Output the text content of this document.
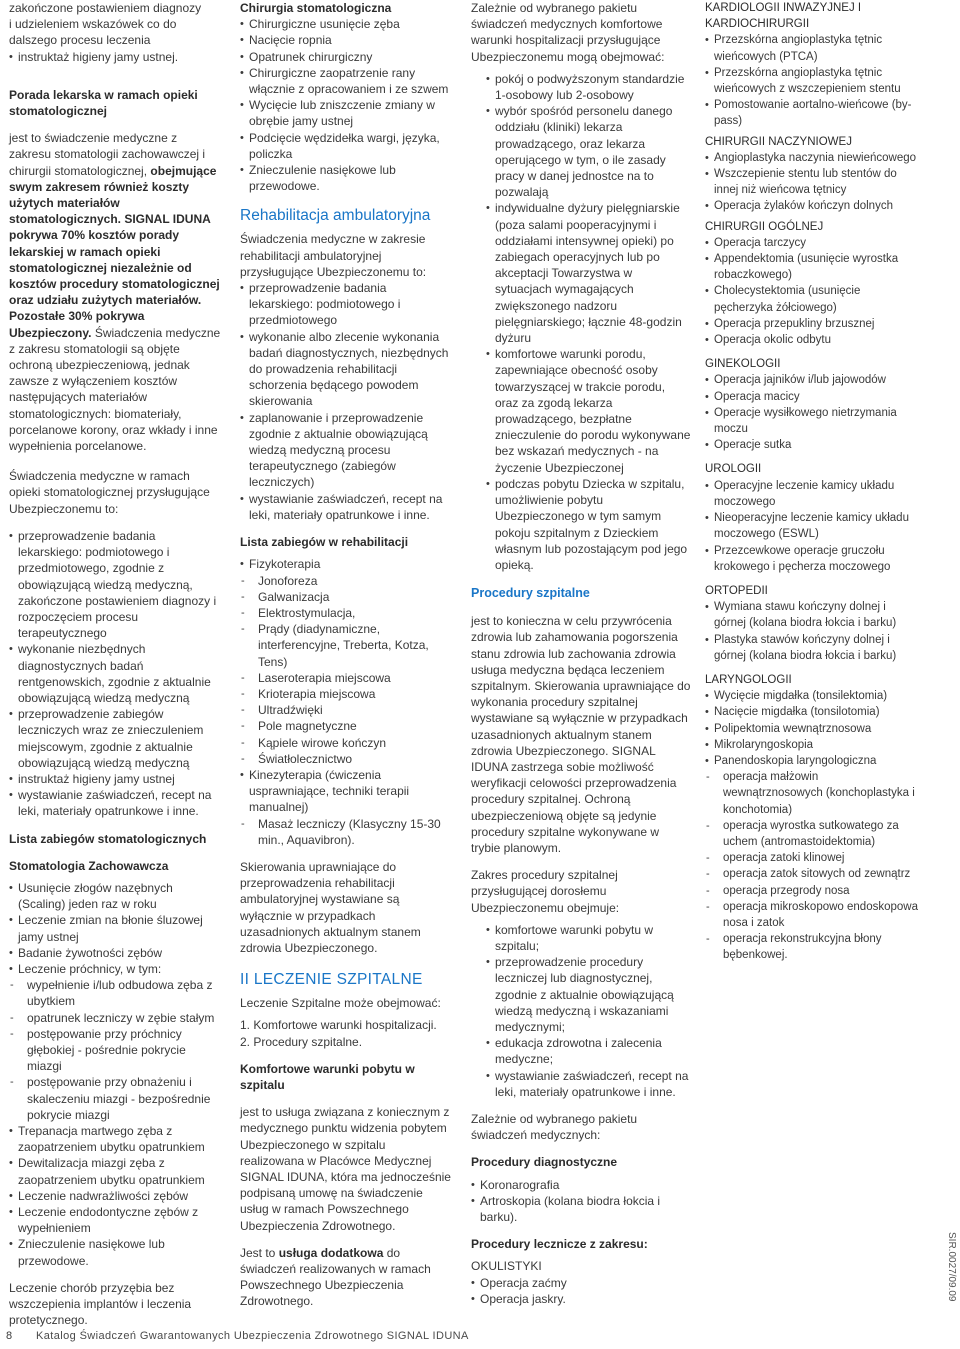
zakończone postawieniem diagnozy
i udzieleniem wskazówek co do
dalszego procesu leczenia
• instruktaż higieny jamy ustnej.

Porada lekarska w ramach opieki stomatologicznej

jest to świadczenie medyczne z zakresu stomatologii zachowawczej i chirurgii stomatologicznej, obejmujące swym zakresem również koszty użytych materiałów stomatologicznych. SIGNAL IDUNA pokrywa 70% kosztów porady lekarskiej w ramach opieki stomatologicznej niezależnie od kosztów procedury stomatologicznej oraz udziału zużytych materiałów. Pozostałe 30% pokrywa Ubezpieczony. Świadczenia medyczne z zakresu stomatologii są objęte ochroną ubezpieczeniową, jednak zawsze z wyłączeniem kosztów następujących materiałów stomatologicznych: biomateriały, porcelanowe korony, oraz wkłady i inne wypełnienia porcelanowe.

Świadczenia medyczne w ramach opieki stomatologicznej przysługujące Ubezpieczonemu to:

• przeprowadzenie badania lekarskiego: podmiotowego i przedmiotowego, zgodnie z obowiązującą wiedzą medyczną, zakończone postawieniem diagnozy i rozpoczęciem procesu terapeutycznego
• wykonanie niezbędnych diagnostycznych badań rentgenowskich, zgodnie z aktualnie obowiązującą wiedzą medyczną
• przeprowadzenie zabiegów leczniczych wraz ze znieczuleniem miejscowym, zgodnie z aktualnie obowiązującą wiedzą medyczną
• instruktaż higieny jamy ustnej
• wystawianie zaświadczeń, recept na leki, materiały opatrunkowe i inne.

Lista zabiegów stomatologicznych

Stomatologia Zachowawcza

• Usunięcie złogów nazębnych (Scaling) jeden raz w roku
• Leczenie zmian na błonie śluzowej jamy ustnej
• Badanie żywotności zębów
• Leczenie próchnicy, w tym:
- wypełnienie i/lub odbudowa zęba z ubytkiem
- opatrunek leczniczy w zębie stałym
- postępowanie przy próchnicy głębokiej - pośrednie pokrycie miazgi
- postępowanie przy obnażeniu i skaleczeniu miazgi - bezpośrednie pokrycie miazgi
• Trepanacja martwego zęba z zaopatrzeniem ubytku opatrunkiem
• Dewitalizacja miazgi zęba z zaopatrzeniem ubytku opatrunkiem
• Leczenie nadwrażliwości zębów
• Leczenie endodontyczne zębów z wypełnieniem
• Znieczulenie nasiękowe lub przewodowe.

Leczenie chorób przyzębia bez wszczepienia implantów i leczenia protetycznego.

Chirurgia stomatologiczna

• Chirurgiczne usunięcie zęba
• Nacięcie ropnia
• Opatrunek chirurgiczny
• Chirurgiczne zaopatrzenie rany włącznie z opracowaniem i ze szwem
• Wycięcie lub zniszczenie zmiany w obrębie jamy ustnej
• Podcięcie wędzidełka wargi, języka, policzka
• Znieczulenie nasiękowe lub przewodowe.

Rehabilitacja ambulatoryjna

Świadczenia medyczne w zakresie rehabilitacji ambulatoryjnej przysługujące Ubezpieczonemu to:

• przeprowadzenie badania lekarskiego: podmiotowego i przedmiotowego
• wykonanie albo zlecenie wykonania badań diagnostycznych, niezbędnych do prowadzenia rehabilitacji schorzenia będącego powodem skierowania
• zaplanowanie i przeprowadzenie zgodnie z aktualnie obowiązującą wiedzą medyczną procesu terapeutycznego (zabiegów leczniczych)
• wystawianie zaświadczeń, recept na leki, materiały opatrunkowe i inne.

Lista zabiegów w rehabilitacji

• Fizykoterapia
- Jonoforeza
- Galwanizacja
- Elektrostymulacja,
- Prądy (diadynamiczne, interferencyjne, Treberta, Kotza, Tens)
- Laseroterapia miejscowa
- Krioterapia miejscowa
- Ultradźwięki
- Pole magnetyczne
- Kąpiele wirowe kończyn
- Światłolecznictwo
• Kinezyterapia (ćwiczenia usprawniające, techniki terapii manualnej)
- Masaż leczniczy (Klasyczny 15-30 min., Aquavibron).

Skierowania uprawniające do przeprowadzenia rehabilitacji ambulatoryjnej wystawiane są wyłącznie w przypadkach uzasadnionych aktualnym stanem zdrowia Ubezpieczonego.

II LECZENIE SZPITALNE

Leczenie Szpitalne może obejmować:

1. Komfortowe warunki hospitalizacji.
2. Procedury szpitalne.

Komfortowe warunki pobytu w szpitalu

jest to usługa związana z koniecznym z medycznego punktu widzenia pobytem Ubezpieczonego w szpitalu realizowana w Placówce Medycznej SIGNAL IDUNA, która ma jednocześnie podpisaną umowę na świadczenie usług w ramach Powszechnego Ubezpieczenia Zdrowotnego.

Jest to usługa dodatkowa do świadczeń realizowanych w ramach Powszechnego Ubezpieczenia Zdrowotnego.

Zależnie od wybranego pakietu świadczeń medycznych komfortowe warunki hospitalizacji przysługujące Ubezpieczonemu mogą obejmować:

• pokój o podwyższonym standardzie 1-osobowy lub 2-osobowy
• wybór spośród personelu danego oddziału (kliniki) lekarza prowadzącego, oraz lekarza operującego w tym, o ile zasady pracy w danej jednostce na to pozwalają
• indywidualne dyżury pielęgniarskie (poza salami pooperacyjnymi i oddziałami intensywnej opieki) po zabiegach operacyjnych lub po akceptacji Towarzystwa w sytuacjach wymagających zwiększonego nadzoru pielęgniarskiego; łącznie 48-godzin dyżuru
• komfortowe warunki porodu, zapewniające obecność osoby towarzyszącej w trakcie porodu, oraz za zgodą lekarza prowadzącego, bezpłatne znieczulenie do porodu wykonywane bez wskazań medycznych - na życzenie Ubezpieczonej
• podczas pobytu Dziecka w szpitalu, umożliwienie pobytu Ubezpieczonego w tym samym pokoju szpitalnym z Dzieckiem własnym lub pozostającym pod jego opieką.

Procedury szpitalne

jest to konieczna w celu przywrócenia zdrowia lub zahamowania pogorszenia stanu zdrowia lub zachowania zdrowia usługa medyczna będąca leczeniem szpitalnym. Skierowania uprawniające do wykonania procedury szpitalnej wystawiane są wyłącznie w przypadkach uzasadnionych aktualnym stanem zdrowia Ubezpieczonego. SIGNAL IDUNA zastrzega sobie możliwość weryfikacji celowości przeprowadzenia procedury szpitalnej. Ochroną ubezpieczeniową objęte są jedynie procedury szpitalne wykonywane w trybie planowym.

Zakres procedury szpitalnej przysługującej dorosłemu Ubezpieczonemu obejmuje:

• komfortowe warunki pobytu w szpitalu;
• przeprowadzenie procedury leczniczej lub diagnostycznej, zgodnie z aktualnie obowiązującą wiedzą medyczną i wskazaniami medycznymi;
• edukacja zdrowotna i zalecenia medyczne;
• wystawianie zaświadczeń, recept na leki, materiały opatrunkowe i inne.

Zależnie od wybranego pakietu świadczeń medycznych:

Procedury diagnostyczne

• Koronarografia
• Artroskopia (kolana biodra łokcia i barku).

Procedury lecznicze z zakresu:

OKULISTYKI

• Operacja zaćmy
• Operacja jaskry.

KARDIOLOGII INWAZYJNEJ I KARDIOCHIRURGII

• Przezskórna angioplastyka tętnic wieńcowych (PTCA)
• Przezskórna angioplastyka tętnic wieńcowych z wszczepieniem stentu
• Pomostowanie aortalno-wieńcowe (by-pass)

CHIRURGII NACZYNIOWEJ

• Angioplastyka naczynia niewieńcowego
• Wszczepienie stentu lub stentów do innej niż wieńcowa tętnicy
• Operacja żylaków kończyn dolnych

CHIRURGII OGÓLNEJ

• Operacja tarczycy
• Appendektomia (usunięcie wyrostka robaczkowego)
• Cholecystektomia (usunięcie pęcherzyka żółciowego)
• Operacja przepukliny brzusznej
• Operacja okolic odbytu

GINEKOLOGII

• Operacja jajników i/lub jajowodów
• Operacja macicy
• Operacje wysiłkowego nietrzymania moczu
• Operacje sutka

UROLOGII

• Operacyjne leczenie kamicy układu moczowego
• Nieoperacyjne leczenie kamicy układu moczowego (ESWL)
• Przezcewkowe operacje gruczołu krokowego i pęcherza moczowego

ORTOPEDII

• Wymiana stawu kończyny dolnej i górnej (kolana biodra łokcia i barku)
• Plastyka stawów kończyny dolnej i górnej (kolana biodra łokcia i barku)

LARYNGOLOGII

• Wycięcie migdałka (tonsilektomia)
• Nacięcie migdałka (tonsilotomia)
• Polipektomia wewnątrznosowa
• Mikrolaryngoskopia
• Panendoskopia laryngologiczna
- operacja małżowin wewnątrznosowych (konchoplastyka i konchotomia)
- operacja wyrostka sutkowatego za uchem (antromastoidektomia)
- operacja zatoki klinowej
- operacja zatok sitowych od zewnątrz
- operacja przegrody nosa
- operacja mikroskopowo endoskopowa nosa i zatok
- operacja rekonstrukcyjna błony bębenkowej.
SIR.0027/09.09
8 Katalog Świadczeń Gwarantowanych Ubezpieczenia Zdrowotnego SIGNAL IDUNA
